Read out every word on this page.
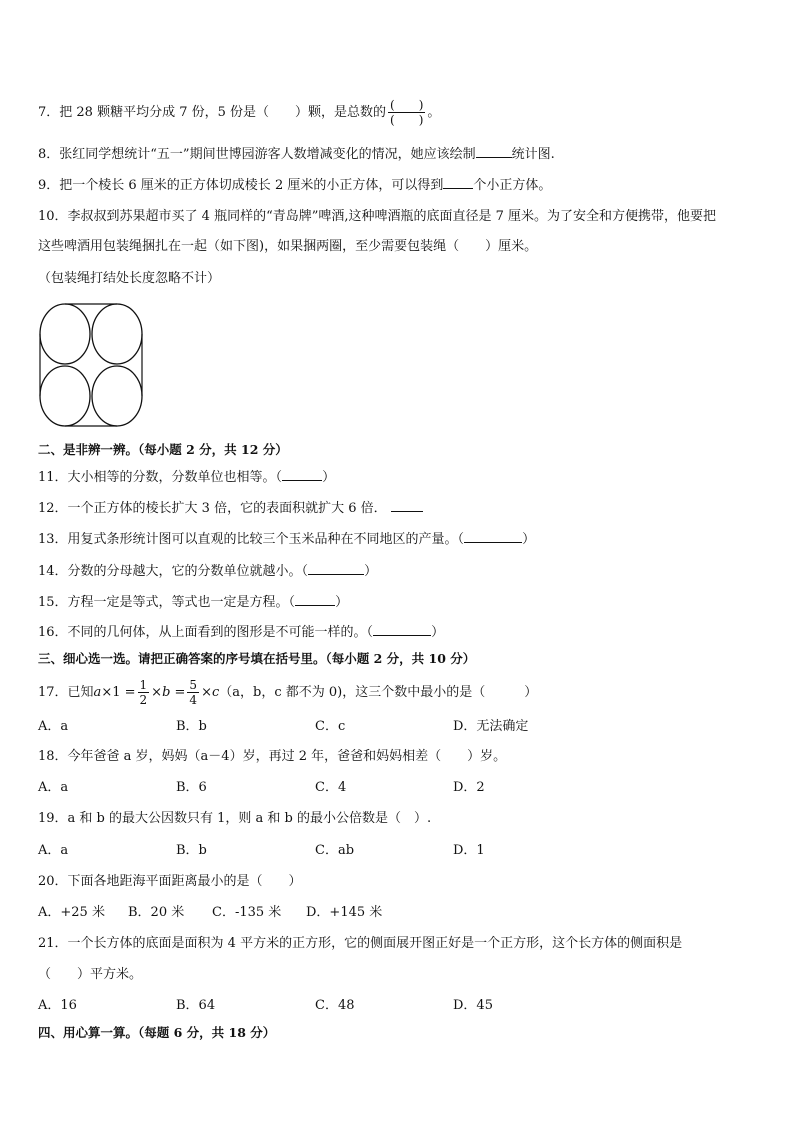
7．把 28 颗糖平均分成 7 份，5 份是（　　）颗，是总数的 $\frac{( )}{( )}$ 。
8．张红同学想统计“五一”期间世博园游客人数增减变化的情况，她应该绘制	统计图.
9．把一个棱长 6 厘米的正方体切成棱长 2 厘米的小正方体，可以得到 个小正方体。
10．李叔叔到苏果超市买了 4 瓶同样的“青岛牌”啤酒,这种啤酒瓶的底面直径是 7 厘米。为了安全和方便携带，他要把
这些啤酒用包装绳捆扎在一起（如下图)，如果捆两圈，至少需要包装绳（　　）厘米。
（包装绳打结处长度忽略不计）
二、是非辨一辨。（每小题 2 分，共 12 分）
11．大小相等的分数，分数单位也相等。（	）
12．一个正方体的棱长扩大 3 倍，它的表面积就扩大 6 倍．
13．用复式条形统计图可以直观的比较三个玉米品种在不同地区的产量。（	）
14．分数的分母越大，它的分数单位就越小。（	）
15．方程一定是等式，等式也一定是方程。（	）
16．不同的几何体，从上面看到的图形是不可能一样的。（	）
三、细心选一选。请把正确答案的序号填在括号里。（每小题 2 分，共 10 分）
17．已知$a\times 1 = \frac{1}{2} \times b = \frac{5}{4} \times c(a$，b，c 都不为 0)，这三个数中最小的是（　　　）
A．a	B．b	C．c	D．无法确定
18．今年爸爸 a 岁，妈妈（a－4）岁，再过 2 年，爸爸和妈妈相差（　　）岁。
A．a	B．6	C．4	D．2
19．a 和 b 的最大公因数只有 1，则 a 和 b 的最小公倍数是（　）.
A．a	B．b	C．ab	D．1
20．下面各地距海平面距离最小的是（　　）
A．+25 米 B．20 米 C．-135 米 D．+145 米
21．一个长方体的底面是面积为 4 平方米的正方形，它的侧面展开图正好是一个正方形，这个长方体的侧面积是
（　　）平方米。
A．16	B．64	C．48	D．45
四、用心算一算。（每题 6 分，共 18 分）
